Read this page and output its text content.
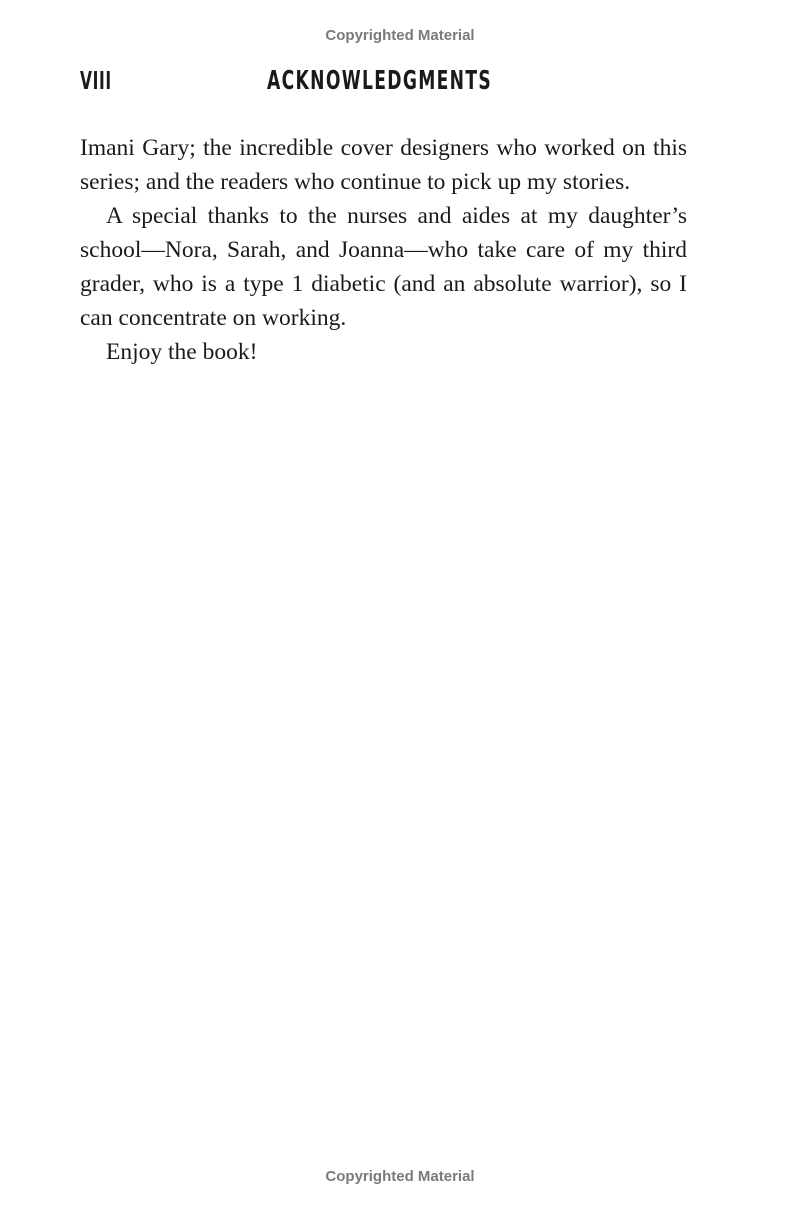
Copyrighted Material
VIII	ACKNOWLEDGMENTS

Imani Gary; the incredible cover designers who worked on this series; and the readers who continue to pick up my stories.

A special thanks to the nurses and aides at my daughter’s school—Nora, Sarah, and Joanna—who take care of my third grader, who is a type 1 diabetic (and an absolute warrior), so I can concentrate on working.

Enjoy the book!

Copyrighted Material
